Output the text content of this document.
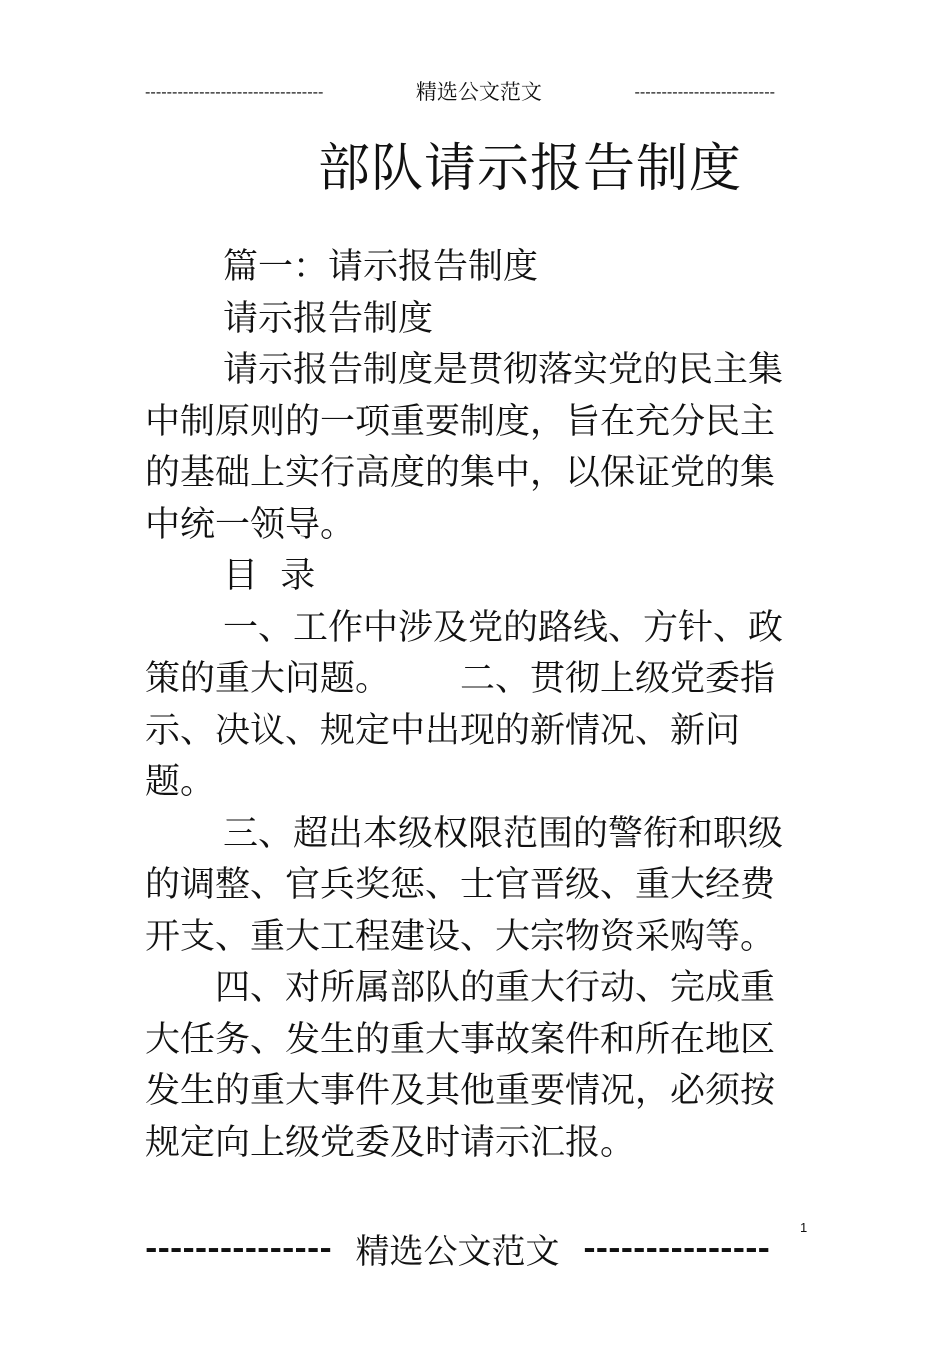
---------------------------------	精选公文范文	--------------------------
部队请示报告制度

篇一：请示报告制度

请示报告制度

请示报告制度是贯彻落实党的民主集中制原则的一项重要制度，旨在充分民主的基础上实行高度的集中，以保证党的集中统一领导。

目  录

一、工作中涉及党的路线、方针、政策的重大问题。 二、贯彻上级党委指示、决议、规定中出现的新情况、新问题。

三、超出本级权限范围的警衔和职级的调整、官兵奖惩、士官晋级、重大经费开支、重大工程建设、大宗物资采购等。四、对所属部队的重大行动、完成重大任务、发生的重大事故案件和所在地区发生的重大事件及其他重要情况，必须按规定向上级党委及时请示汇报。

1
--------------- 精选公文范文 ---------------
